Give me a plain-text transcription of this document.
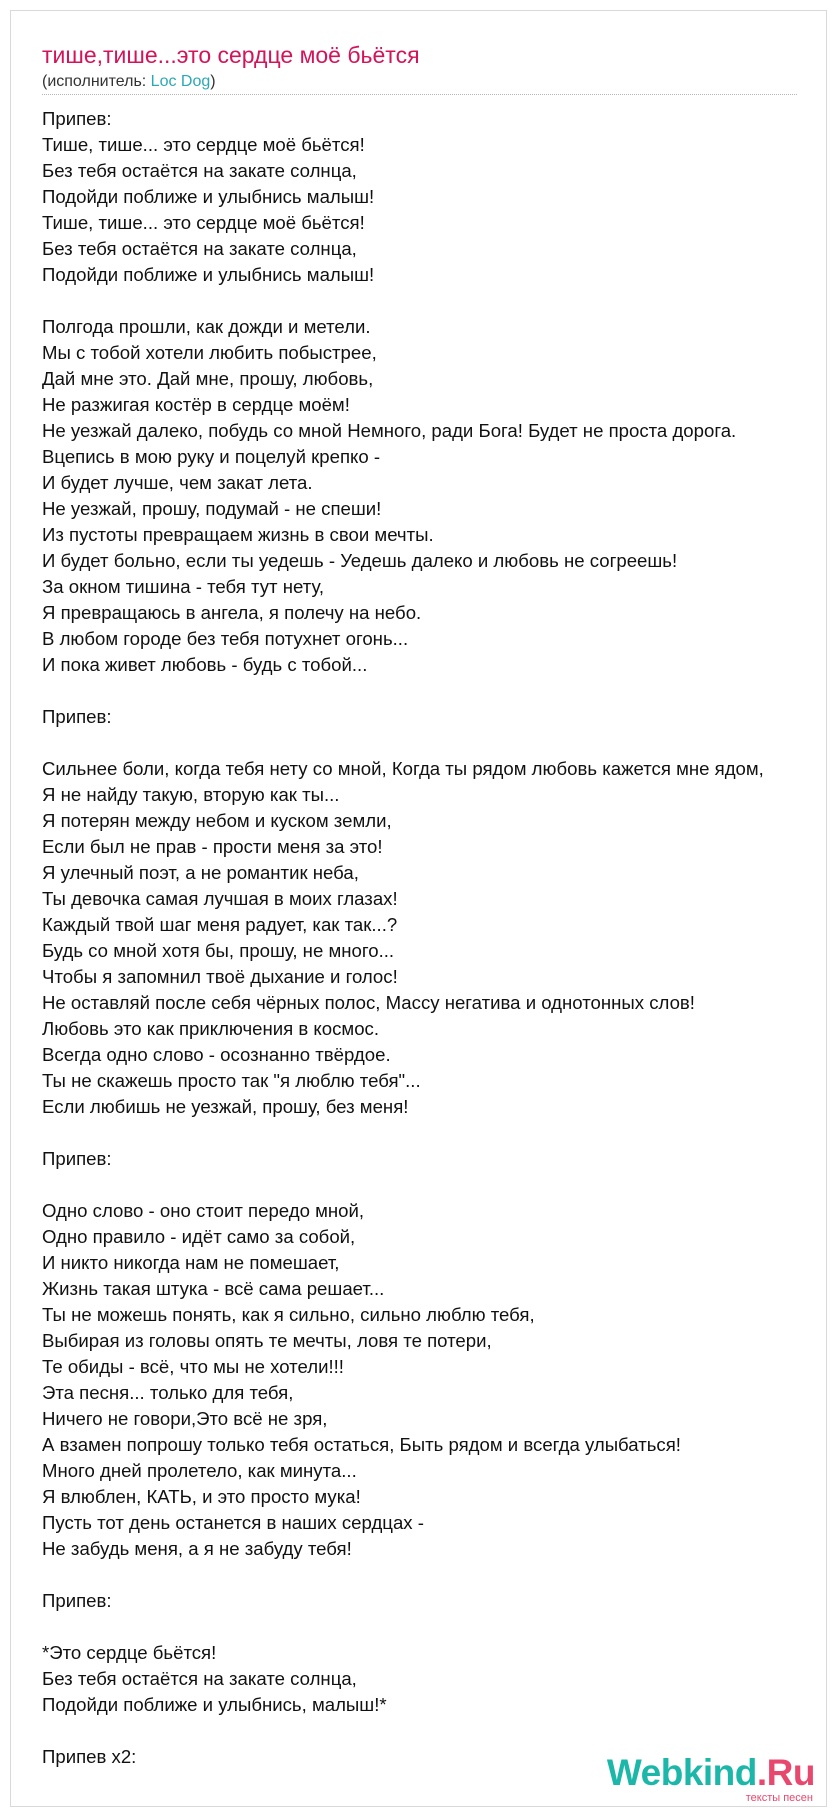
тише,тише...это сердце моё бьётся
(исполнитель: Loc Dog)
Припев:
Тише, тише... это сердце моё бьётся!
Без тебя остаётся на закате солнца,
Подойди поближе и улыбнись малыш!
Тише, тише... это сердце моё бьётся!
Без тебя остаётся на закате солнца,
Подойди поближе и улыбнись малыш!

Полгода прошли, как дожди и метели.
Мы с тобой хотели любить побыстрее,
Дай мне это. Дай мне, прошу, любовь,
Не разжигая костёр в сердце моём!
Не уезжай далеко, побудь со мной Немного, ради Бога! Будет не проста дорога.
Вцепись в мою руку и поцелуй крепко -
И будет лучше, чем закат лета.
Не уезжай, прошу, подумай - не спеши!
Из пустоты превращаем жизнь в свои мечты.
И будет больно, если ты уедешь - Уедешь далеко и любовь не согреешь!
За окном тишина - тебя тут нету,
Я превращаюсь в ангела, я полечу на небо.
В любом городе без тебя потухнет огонь...
И пока живет любовь - будь с тобой...

Припев:

Сильнее боли, когда тебя нету со мной, Когда ты рядом любовь кажется мне ядом,
Я не найду такую, вторую как ты...
Я потерян между небом и куском земли,
Если был не прав - прости меня за это!
Я улечный поэт, а не романтик неба,
Ты девочка самая лучшая в моих глазах!
Каждый твой шаг меня радует, как так...?
Будь со мной хотя бы, прошу, не много...
Чтобы я запомнил твоё дыхание и голос!
Не оставляй после себя чёрных полос, Массу негатива и однотонных слов!
Любовь это как приключения в космос.
Всегда одно слово - осознанно твёрдое.
Ты не скажешь просто так "я люблю тебя"...
Если любишь не уезжай, прошу, без меня!

Припев:

Одно слово - оно стоит передо мной,
Одно правило - идёт само за собой,
И никто никогда нам не помешает,
Жизнь такая штука - всё сама решает...
Ты не можешь понять, как я сильно, сильно люблю тебя,
Выбирая из головы опять те мечты, ловя те потери,
Те обиды - всё, что мы не хотели!!!
Эта песня... только для тебя,
Ничего не говори,Это всё не зря,
А взамен попрошу только тебя остаться, Быть рядом и всегда улыбаться!
Много дней пролетело, как минута...
Я влюблен, КАТЬ, и это просто мука!
Пусть тот день останется в наших сердцах -
Не забудь меня, а я не забуду тебя!

Припев:

*Это сердце бьётся!
Без тебя остаётся на закате солнца,
Подойди поближе и улыбнись, малыш!*

Припев x2:	Webkind.Ru
тексты песен
